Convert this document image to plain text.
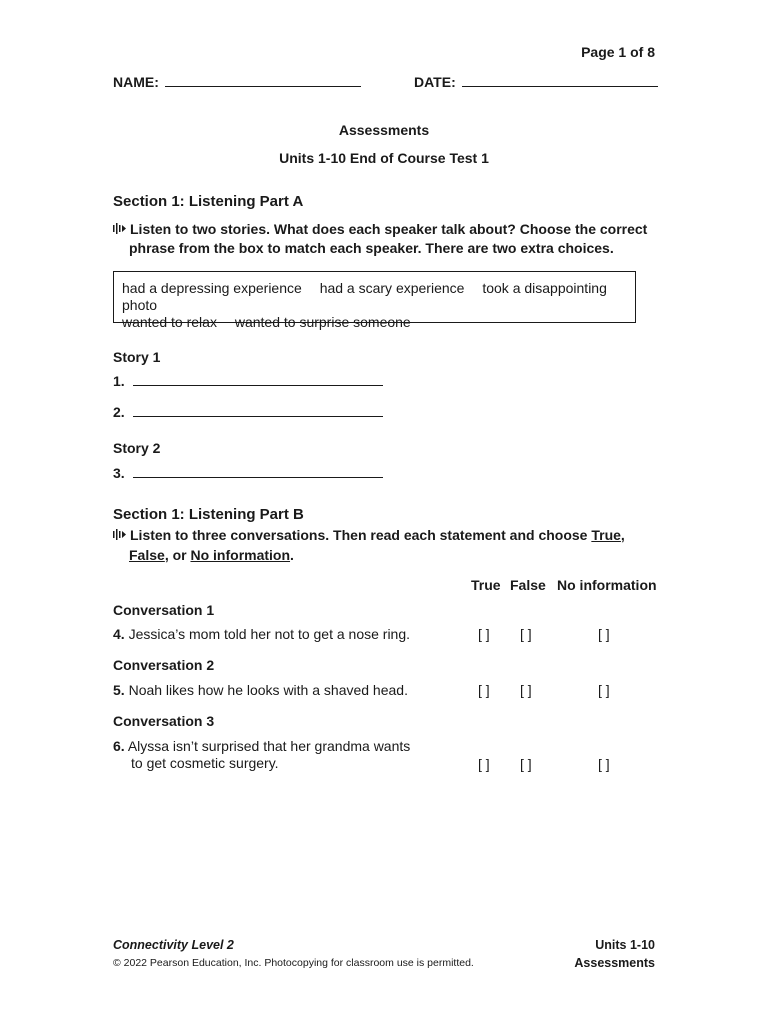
Page 1 of 8
NAME:	DATE:
Assessments
Units 1-10 End of Course Test 1
Section 1: Listening Part A
Listen to two stories. What does each speaker talk about? Choose the correct
phrase from the box to match each speaker. There are two extra choices.
had a depressing experience had a scary experience took a disappointing photo
wanted to relax wanted to surprise someone
Story 1
1.
2.
Story 2
3.
Section 1: Listening Part B
Listen to three conversations. Then read each statement and choose True,
False, or No information.
True False No information
Conversation 1
4. Jessica’s mom told her not to get a nose ring.	[ ] [ ]	[ ]
Conversation 2
5. Noah likes how he looks with a shaved head.	[ ] [ ]	[ ]
Conversation 3
6. Alyssa isn’t surprised that her grandma wants
to get cosmetic surgery.	[ ] [ ]	[ ]
Connectivity Level 2
© 2022 Pearson Education, Inc. Photocopying for classroom use is permitted.
Units 1-10
Assessments
